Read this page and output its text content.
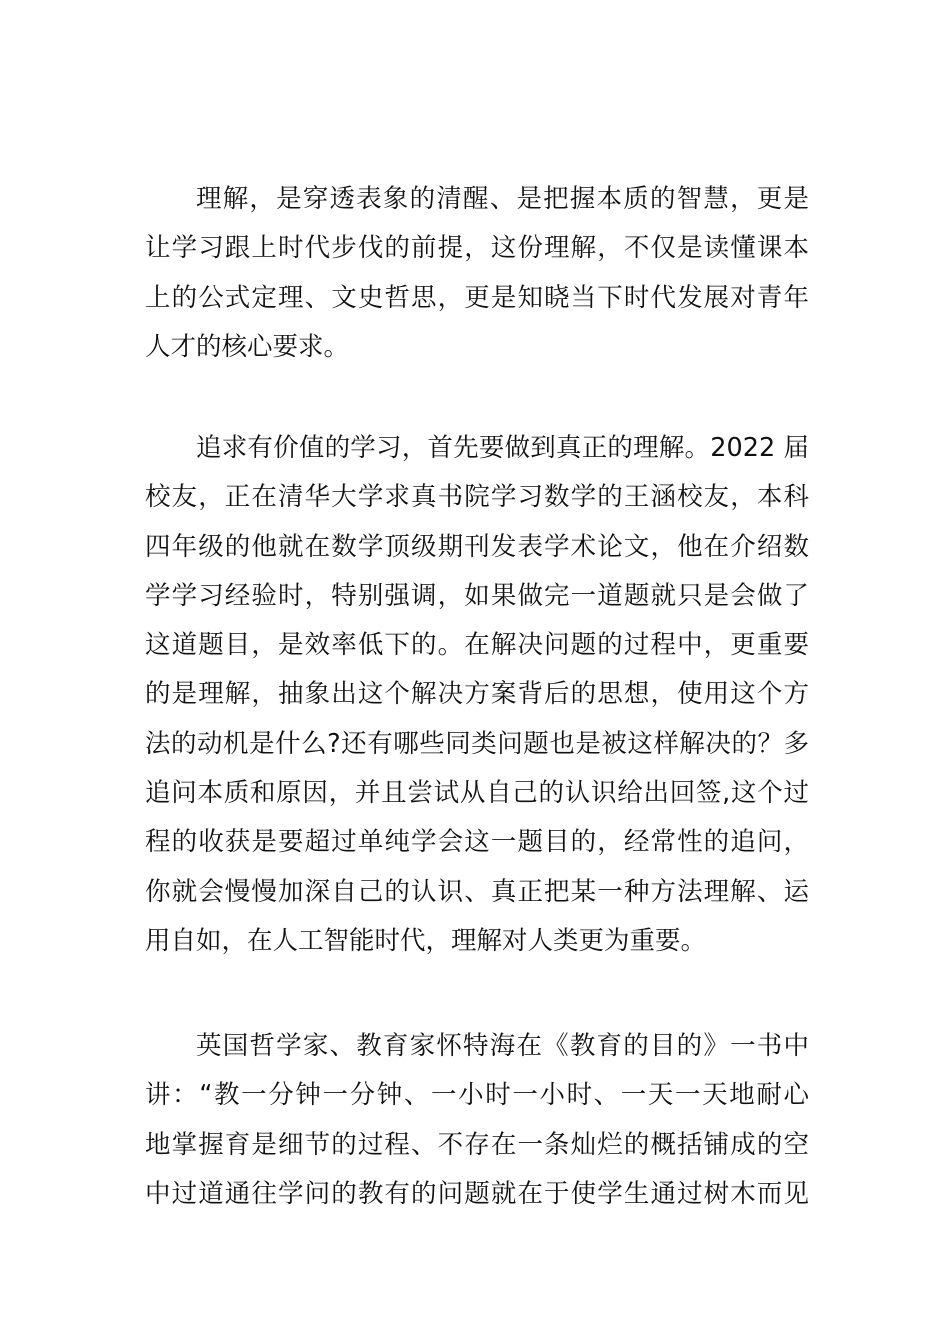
理解，是穿透表象的清醒、是把握本质的智慧，更是
让学习跟上时代步伐的前提，这份理解，不仅是读懂课本
上的公式定理、文史哲思，更是知晓当下时代发展对青年
人才的核心要求。
追求有价值的学习，首先要做到真正的理解。2022 届
校友，正在清华大学求真书院学习数学的王涵校友，本科
四年级的他就在数学顶级期刊发表学术论文，他在介绍数
学学习经验时，特别强调，如果做完一道题就只是会做了
这道题目，是效率低下的。在解决问题的过程中，更重要
的是理解，抽象出这个解决方案背后的思想，使用这个方
法的动机是什么?还有哪些同类问题也是被这样解决的？多
追问本质和原因，并且尝试从自己的认识给出回签,这个过
程的收获是要超过单纯学会这一题目的，经常性的追问，
你就会慢慢加深自己的认识、真正把某一种方法理解、运
用自如，在人工智能时代，理解对人类更为重要。
英国哲学家、教育家怀特海在《教育的目的》一书中
讲：“教一分钟一分钟、一小时一小时、一天一天地耐心
地掌握育是细节的过程、不存在一条灿烂的概括铺成的空
中过道通往学问的教有的问题就在于使学生通过树木而见
